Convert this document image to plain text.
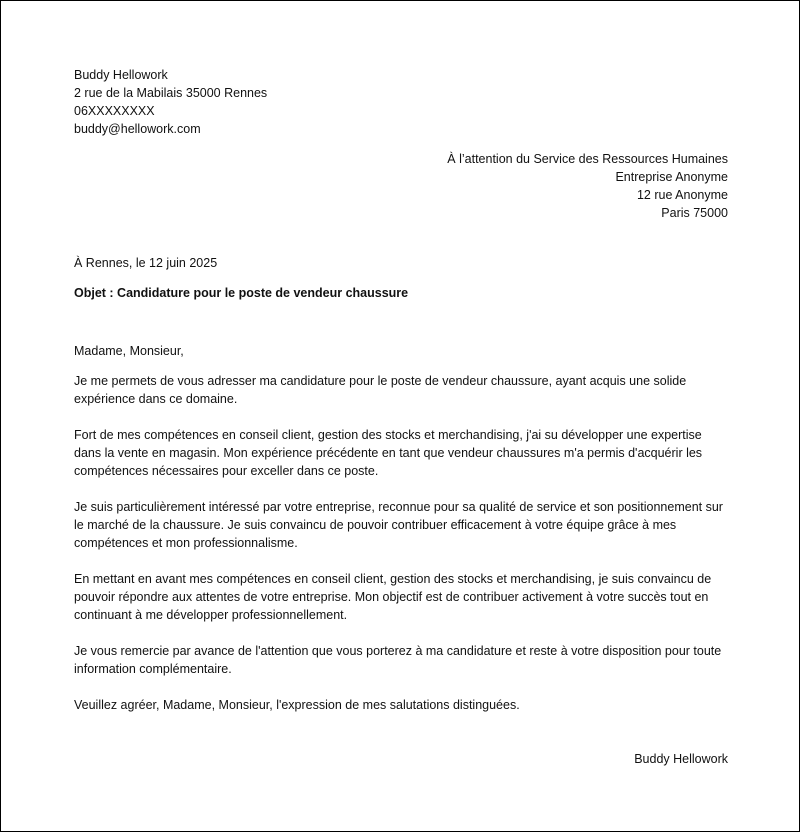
Buddy Hellowork
2 rue de la Mabilais 35000 Rennes
06XXXXXXXX
buddy@hellowork.com
À l’attention du Service des Ressources Humaines
Entreprise Anonyme
12 rue Anonyme
Paris 75000
À Rennes, le 12 juin 2025
Objet : Candidature pour le poste de vendeur chaussure
Madame, Monsieur,

Je me permets de vous adresser ma candidature pour le poste de vendeur chaussure, ayant acquis une solide expérience dans ce domaine.

Fort de mes compétences en conseil client, gestion des stocks et merchandising, j'ai su développer une expertise dans la vente en magasin. Mon expérience précédente en tant que vendeur chaussures m'a permis d'acquérir les compétences nécessaires pour exceller dans ce poste.

Je suis particulièrement intéressé par votre entreprise, reconnue pour sa qualité de service et son positionnement sur le marché de la chaussure. Je suis convaincu de pouvoir contribuer efficacement à votre équipe grâce à mes compétences et mon professionnalisme.

En mettant en avant mes compétences en conseil client, gestion des stocks et merchandising, je suis convaincu de pouvoir répondre aux attentes de votre entreprise. Mon objectif est de contribuer activement à votre succès tout en continuant à me développer professionnellement.

Je vous remercie par avance de l'attention que vous porterez à ma candidature et reste à votre disposition pour toute information complémentaire.

Veuillez agréer, Madame, Monsieur, l'expression de mes salutations distinguées.
Buddy Hellowork
